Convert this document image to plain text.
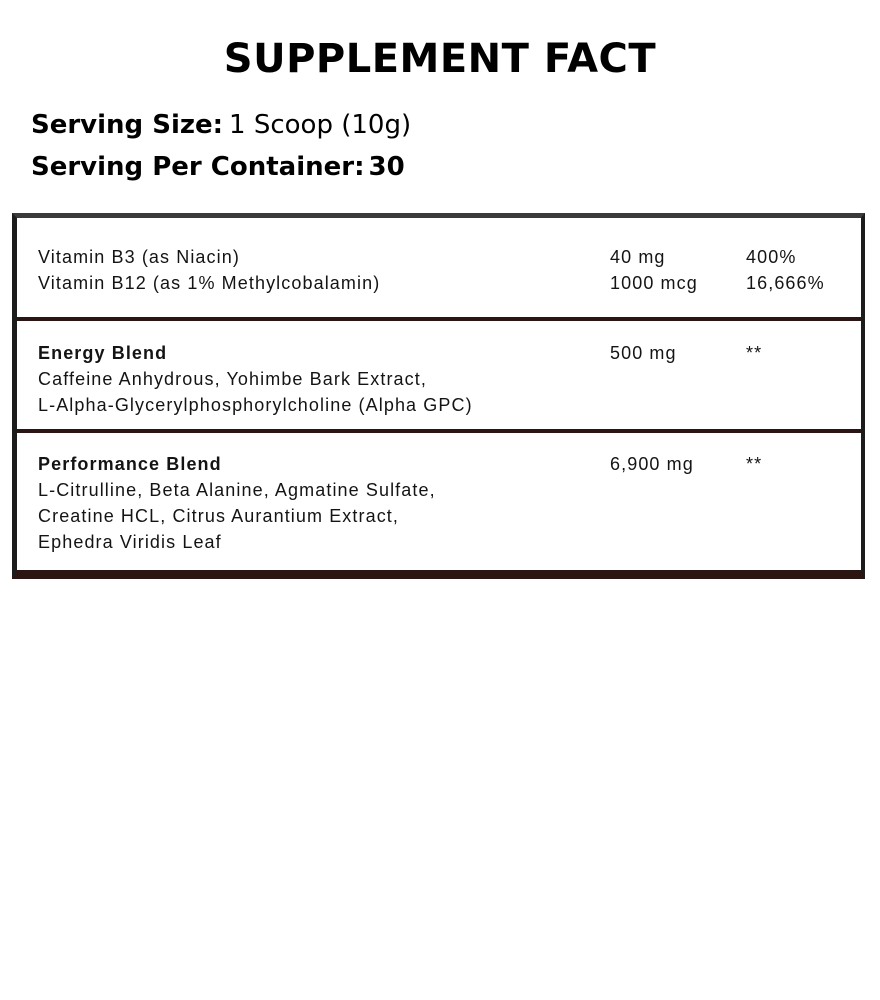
SUPPLEMENT FACT
Serving Size: 1 Scoop (10g)
Serving Per Container: 30
Vitamin B3 (as Niacin)	40 mg	400%
Vitamin B12 (as 1% Methylcobalamin)	1000 mcg	16,666%
Energy Blend	500 mg	**
Caffeine Anhydrous, Yohimbe Bark Extract,
L-Alpha-Glycerylphosphorylcholine (Alpha GPC)
Performance Blend	6,900 mg	**
L-Citrulline, Beta Alanine, Agmatine Sulfate,
Creatine HCL, Citrus Aurantium Extract,
Ephedra Viridis Leaf
